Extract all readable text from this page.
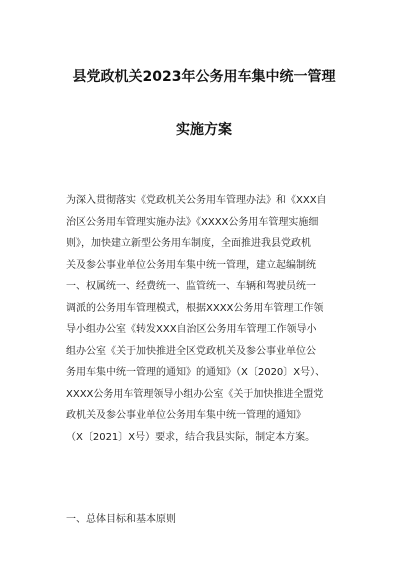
县党政机关2023年公务用车集中统一管理
实施方案
为深入贯彻落实《党政机关公务用车管理办法》和《XXX自
治区公务用车管理实施办法》《XXXX公务用车管理实施细
则》，加快建立新型公务用车制度，全面推进我县党政机
关及参公事业单位公务用车集中统一管理，建立起编制统
一、权属统一、经费统一、监管统一、车辆和驾驶员统一
调派的公务用车管理模式，根据XXXX公务用车管理工作领
导小组办公室《转发XXX自治区公务用车管理工作领导小
组办公室《关于加快推进全区党政机关及参公事业单位公
务用车集中统一管理的通知》的通知》（X〔2020〕X号）、
XXXX公务用车管理领导小组办公室《关于加快推进全盟党
政机关及参公事业单位公务用车集中统一管理的通知》
（X〔2021〕X号）要求，结合我县实际，制定本方案。
一、总体目标和基本原则
